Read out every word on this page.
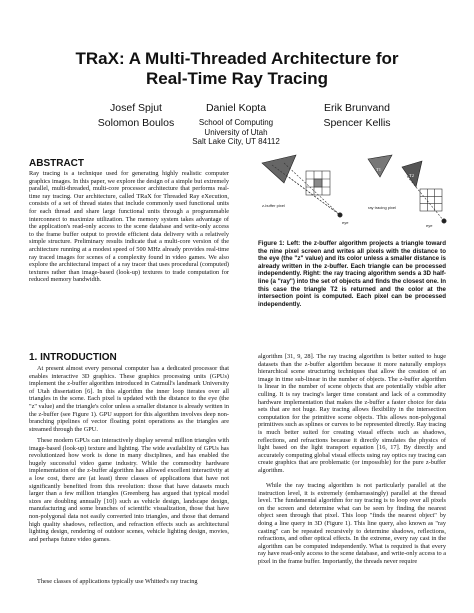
TRaX: A Multi-Threaded Architecture for
Real-Time Ray Tracing
Josef Spjut	Daniel Kopta	Erik Brunvand
Solomon Boulos	Spencer Kellis
School of Computing
University of Utah
Salt Lake City, UT 84112
ABSTRACT

Ray tracing is a technique used for generating highly realistic computer graphics images. In this paper, we explore the design of a simple but extremely parallel, multi-threaded, multi-core processor architecture that performs real-time ray tracing. Our architecture, called TRaX for Threaded Ray eXecution, consists of a set of thread states that include commonly used functional units for each thread and share large functional units through a programmable interconnect to maximize utilization. The memory system takes advantage of the application's read-only access to the scene database and write-only access to the frame buffer output to provide efficient data delivery with a relatively simple structure. Preliminary results indicate that a multi-core version of the architecture running at a modest speed of 500 MHz already provides real-time ray traced images for scenes of a complexity found in video games. We also explore the architectural impact of a ray tracer that uses procedural (computed) textures rather than image-based (look-up) textures to trade computation for reduced memory bandwidth.

1. INTRODUCTION

At present almost every personal computer has a dedicated processor that enables interactive 3D graphics. These graphics processing units (GPUs) implement the z-buffer algorithm introduced in Catmull's landmark University of Utah dissertation [6]. In this algorithm the inner loop iterates over all triangles in the scene. Each pixel is updated with the distance to the eye (the "z" value) and the triangle's color unless a smaller distance is already written in the z-buffer (see Figure 1). GPU support for this algorithm involves deep non-branching pipelines of vector floating point operations as the triangles are streamed through the GPU.

These modern GPUs can interactively display several million triangles with image-based (look-up) texture and lighting. The wide availability of GPUs has revolutionized how work is done in many disciplines, and has enabled the hugely successful video game industry. While the commodity hardware implementation of the z-buffer algorithm has allowed excellent interactivity at a low cost, there are (at least) three classes of applications that have not significantly benefited from this revolution: those that have datasets much larger than a few million triangles (Greenberg has argued that typical model sizes are doubling annually [10]) such as vehicle design, landscape design, manufacturing and some branches of scientific visualization, those that have non-polygonal data not easily converted into triangles, and those that demand high quality shadows, reflection, and refraction effects such as architectural lighting design, rendering of outdoor scenes, vehicle lighting design, movies, and perhaps future video games.

These classes of applications typically use Whitted's ray tracing

z-buffer pixel
eye
T1
T2
ray tracing pixel
eye

Figure 1: Left: the z-buffer algorithm projects a triangle toward the nine pixel screen and writes all pixels with the distance to the eye (the "z" value) and its color unless a smaller distance is already written in the z-buffer. Each triangle can be processed independently. Right: the ray tracing algorithm sends a 3D half-line (a "ray") into the set of objects and finds the closest one. In this case the triangle T2 is returned and the color at the intersection point is computed. Each pixel can be processed independently.

algorithm [31, 9, 28]. The ray tracing algorithm is better suited to huge datasets than the z-buffer algorithm because it more naturally employs hierarchical scene structuring techniques that allow the creation of an image in time sub-linear in the number of objects. The z-buffer algorithm is linear in the number of scene objects that are potentially visible after culling. It is ray tracing's larger time constant and lack of a commodity hardware implementation that makes the z-buffer a faster choice for data sets that are not huge. Ray tracing allows flexibility in the intersection computation for the primitive scene objects. This allows non-polygonal primitives such as splines or curves to be represented directly. Ray tracing is much better suited for creating visual effects such as shadows, reflections, and refractions because it directly simulates the physics of light based on the light transport equation [16, 17]. By directly and accurately computing global visual effects using ray optics ray tracing can create graphics that are problematic (or impossible) for the pure z-buffer algorithm.

While the ray tracing algorithm is not particularly parallel at the instruction level, it is extremely (embarrassingly) parallel at the thread level. The fundamental algorithm for ray tracing is to loop over all pixels on the screen and determine what can be seen by finding the nearest object seen through that pixel. This loop "finds the nearest object" by doing a line query in 3D (Figure 1). This line query, also known as "ray casting" can be repeated recursively to determine shadows, reflections, refractions, and other optical effects. In the extreme, every ray cast in the algorithm can be computed independently. What is required is that every ray have read-only access to the scene database, and write-only access to a pixel in the frame buffer. Importantly, the threads never require
